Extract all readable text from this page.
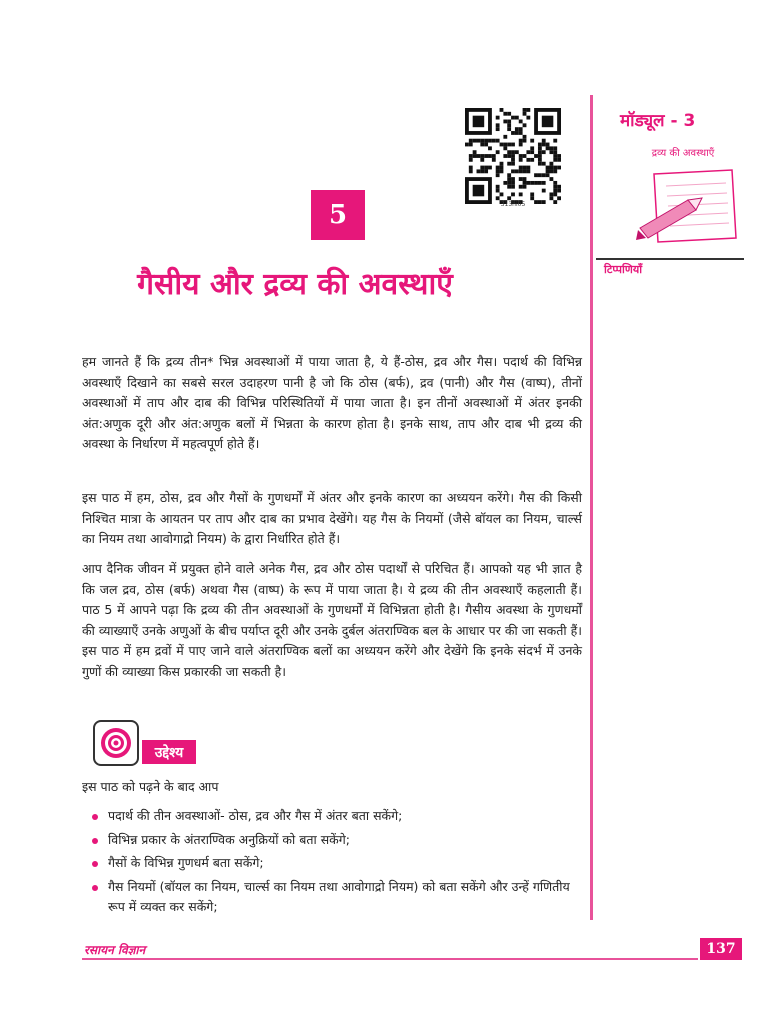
313hi05
5
गैसीय और द्रव्य की अवस्थाएँ
मॉड्यूल - 3
द्रव्य की अवस्थाएँ
टिप्पणियाँ

हम जानते हैं कि द्रव्य तीन* भिन्न अवस्थाओं में पाया जाता है, ये हैं-ठोस, द्रव और गैस। पदार्थ की विभिन्न अवस्थाएँ दिखाने का सबसे सरल उदाहरण पानी है जो कि ठोस (बर्फ), द्रव (पानी) और गैस (वाष्प), तीनों अवस्थाओं में ताप और दाब की विभिन्न परिस्थितियों में पाया जाता है। इन तीनों अवस्थाओं में अंतर इनकी अंत:अणुक दूरी और अंत:अणुक बलों में भिन्नता के कारण होता है। इनके साथ, ताप और दाब भी द्रव्य की अवस्था के निर्धारण में महत्वपूर्ण होते हैं।

इस पाठ में हम, ठोस, द्रव और गैसों के गुणधर्मों में अंतर और इनके कारण का अध्ययन करेंगे। गैस की किसी निश्चित मात्रा के आयतन पर ताप और दाब का प्रभाव देखेंगे। यह गैस के नियमों (जैसे बॉयल का नियम, चार्ल्स का नियम तथा आवोगाद्रो नियम) के द्वारा निर्धारित होते हैं।

आप दैनिक जीवन में प्रयुक्त होने वाले अनेक गैस, द्रव और ठोस पदार्थों से परिचित हैं। आपको यह भी ज्ञात है कि जल द्रव, ठोस (बर्फ) अथवा गैस (वाष्प) के रूप में पाया जाता है। ये द्रव्य की तीन अवस्थाएँ कहलाती हैं। पाठ 5 में आपने पढ़ा कि द्रव्य की तीन अवस्थाओं के गुणधर्मों में विभिन्नता होती है। गैसीय अवस्था के गुणधर्मों की व्याख्याएँ उनके अणुओं के बीच पर्याप्त दूरी और उनके दुर्बल अंतराण्विक बल के आधार पर की जा सकती हैं। इस पाठ में हम द्रवों में पाए जाने वाले अंतराण्विक बलों का अध्ययन करेंगे और देखेंगे कि इनके संदर्भ में उनके गुणों की व्याख्या किस प्रकारकी जा सकती है।

उद्देश्य
इस पाठ को पढ़ने के बाद आप
पदार्थ की तीन अवस्थाओं- ठोस, द्रव और गैस में अंतर बता सकेंगे;
विभिन्न प्रकार के अंतराण्विक अनुक्रियों को बता सकेंगे;
गैसों के विभिन्न गुणधर्म बता सकेंगे;
गैस नियमों (बॉयल का नियम, चार्ल्स का नियम तथा आवोगाद्रो नियम) को बता सकेंगे और उन्हें गणितीय रूप में व्यक्त कर सकेंगे;
रसायन विज्ञान	137
